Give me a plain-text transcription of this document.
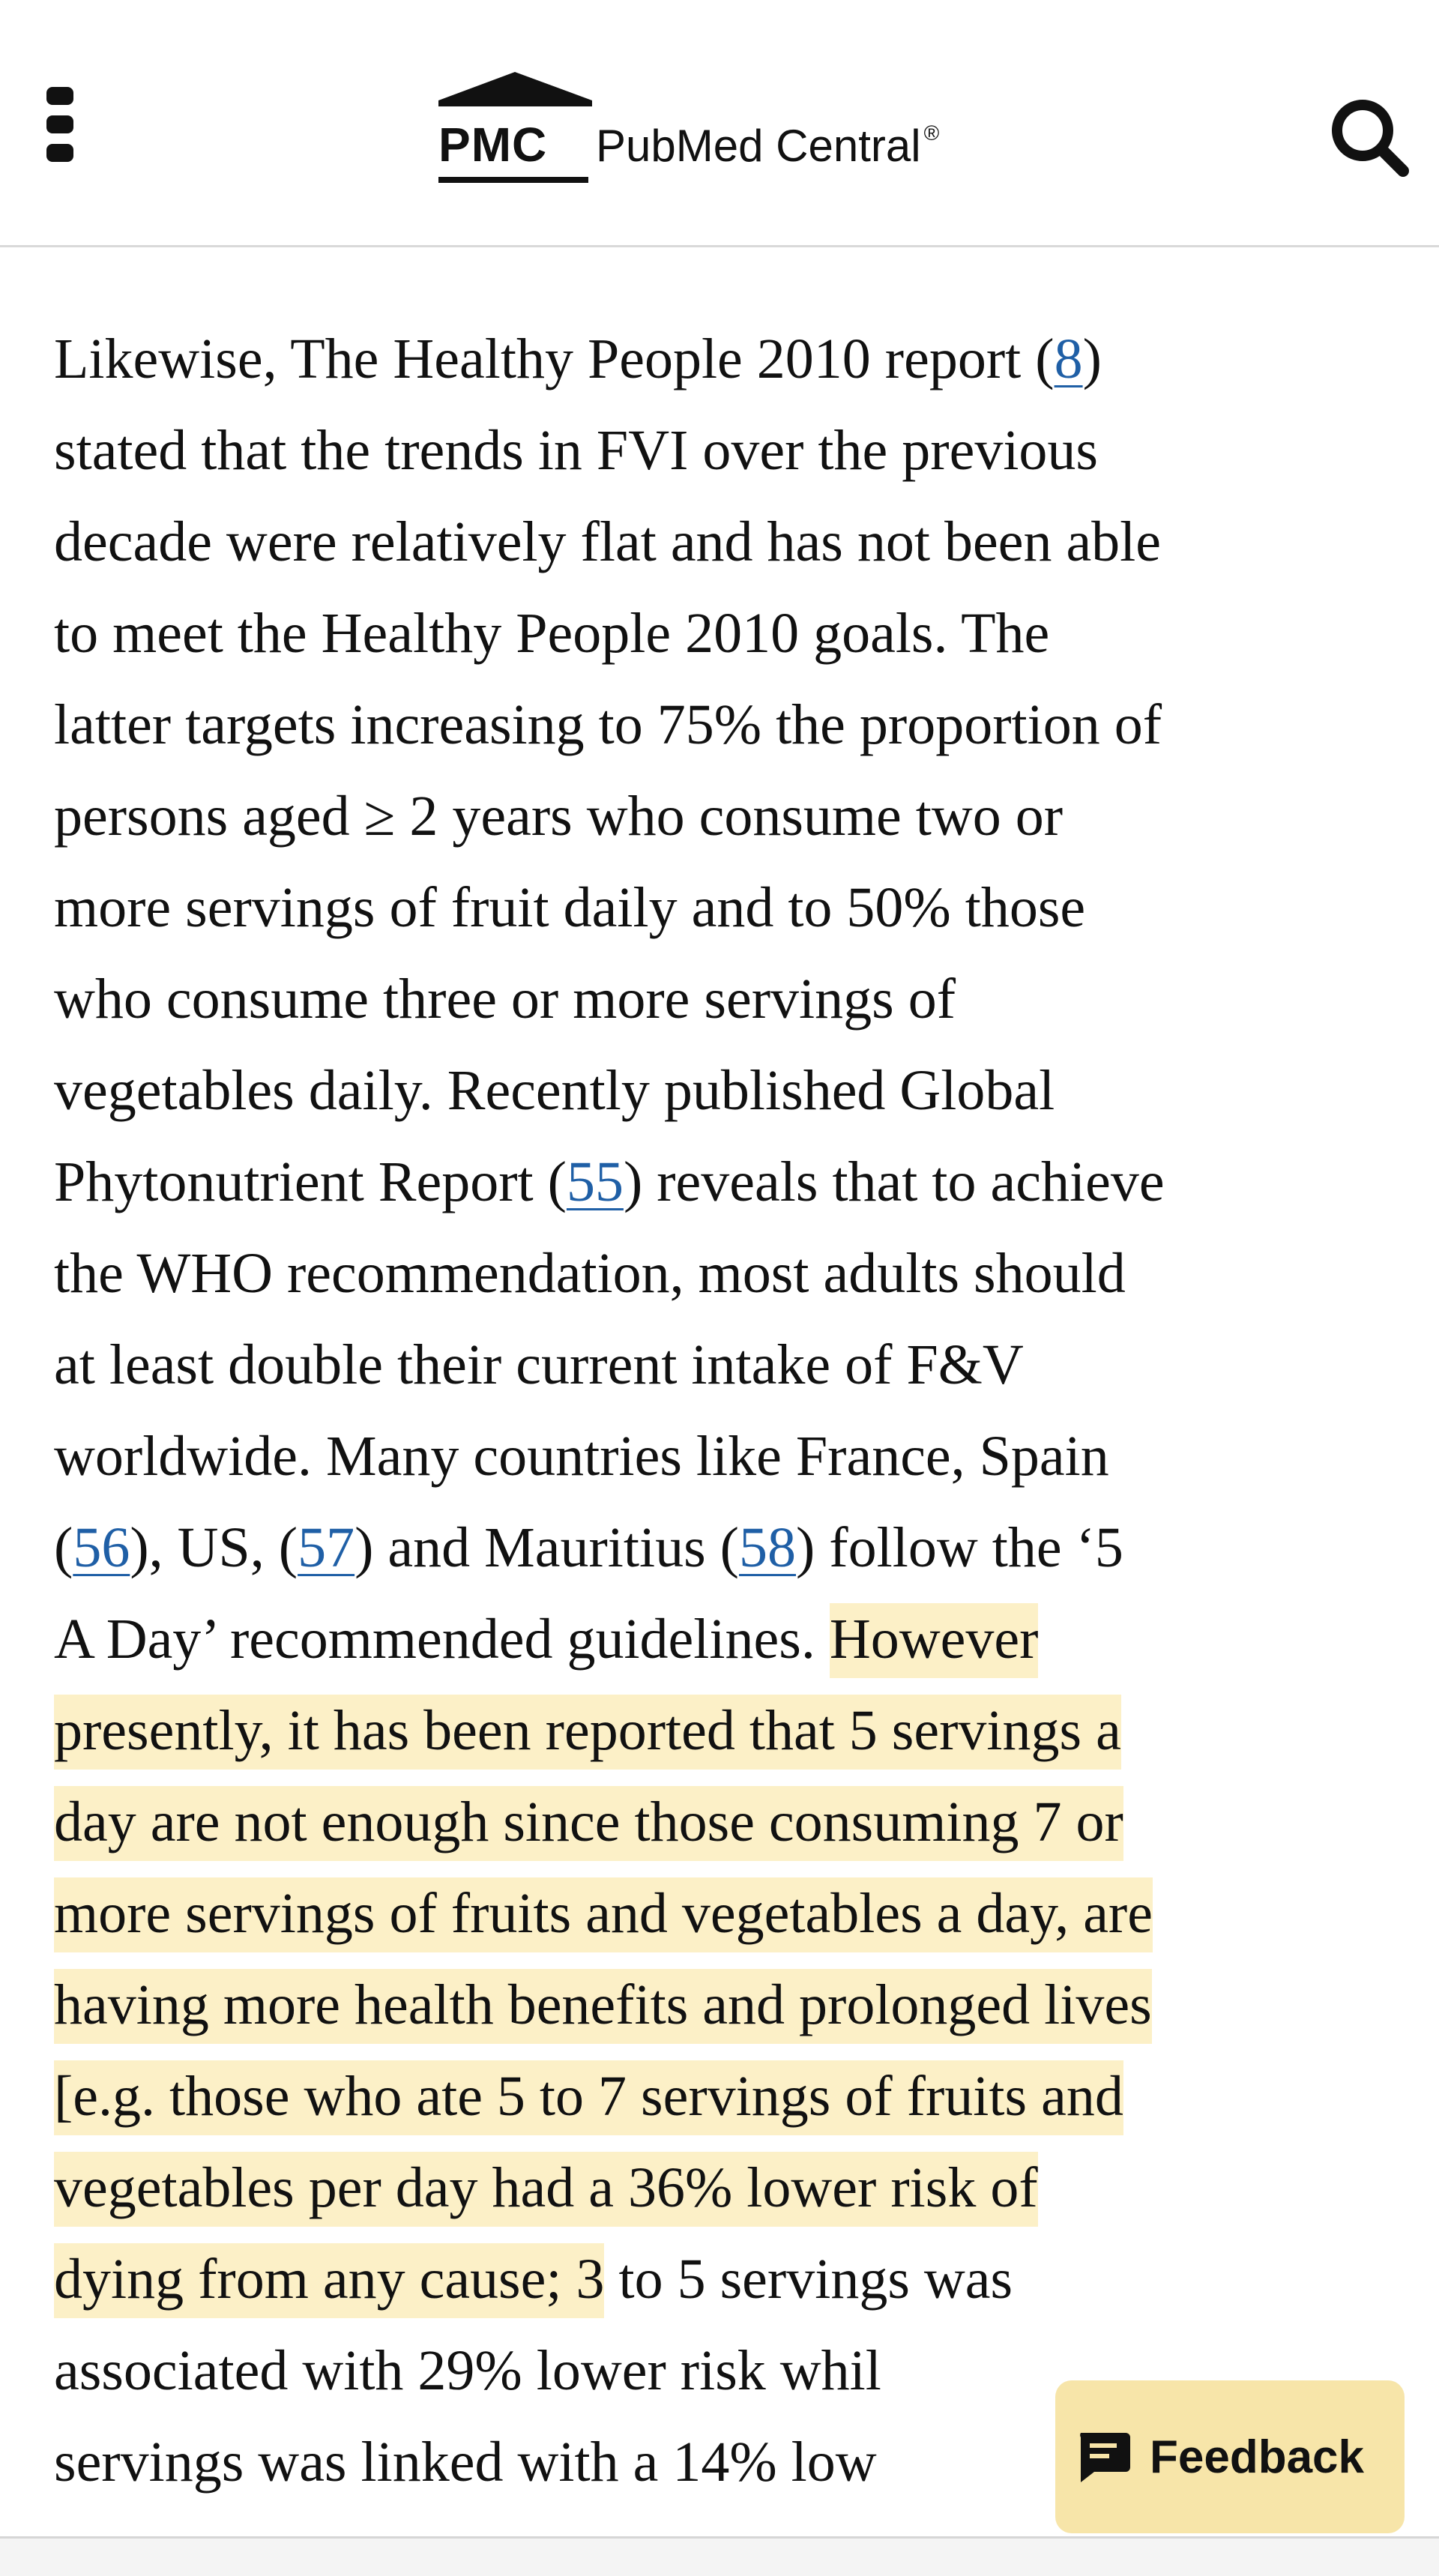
PMC PubMed Central ®
Likewise, The Healthy People 2010 report (8)
stated that the trends in FVI over the previous
decade were relatively flat and has not been able
to meet the Healthy People 2010 goals. The
latter targets increasing to 75% the proportion of
persons aged ≥ 2 years who consume two or
more servings of fruit daily and to 50% those
who consume three or more servings of
vegetables daily. Recently published Global
Phytonutrient Report (55) reveals that to achieve
the WHO recommendation, most adults should
at least double their current intake of F&V
worldwide. Many countries like France, Spain
(56), US, (57) and Mauritius (58) follow the ‘5
A Day’ recommended guidelines. However
presently, it has been reported that 5 servings a
day are not enough since those consuming 7 or
more servings of fruits and vegetables a day, are
having more health benefits and prolonged lives
[e.g. those who ate 5 to 7 servings of fruits and
vegetables per day had a 36% lower risk of
dying from any cause; 3 to 5 servings was
associated with 29% lower risk whil
servings was linked with a 14% low	Feedback
